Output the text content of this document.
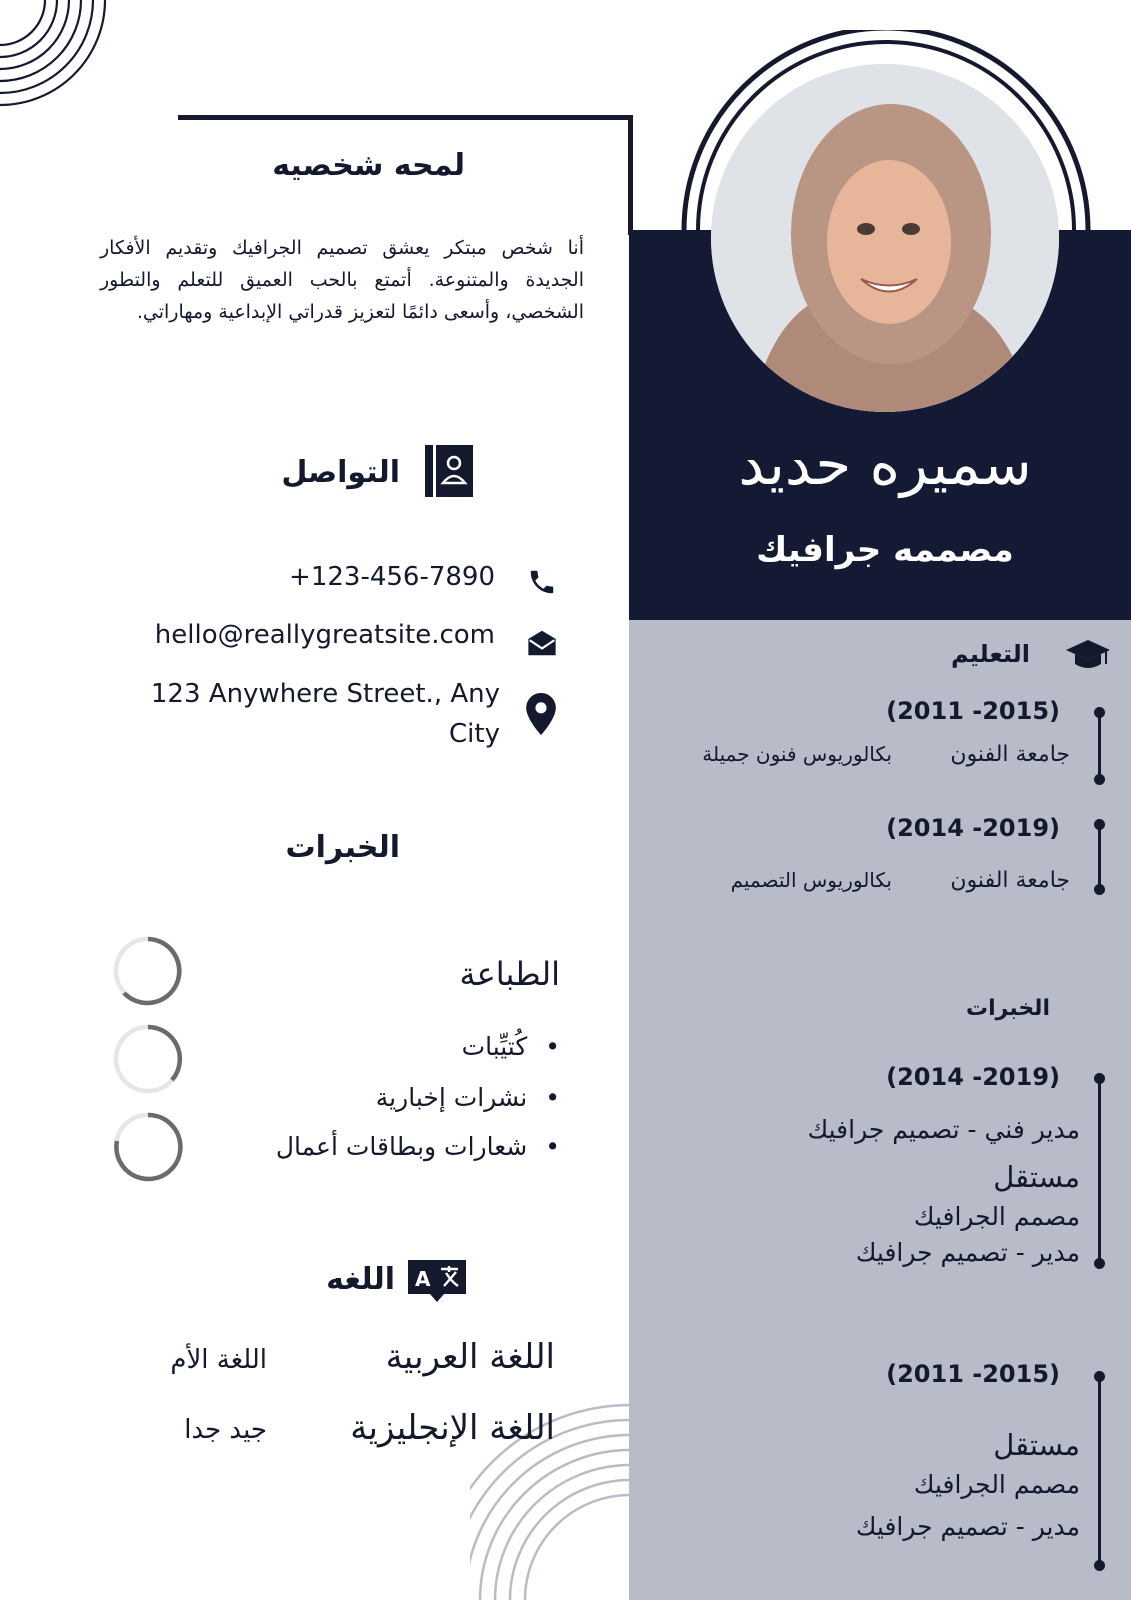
سميره حديد
مصممه جرافيك
لمحه شخصيه
أنا شخص مبتكر يعشق تصميم الجرافيك وتقديم الأفكار الجديدة والمتنوعة. أتمتع بالحب العميق للتعلم والتطور الشخصي، وأسعى دائمًا لتعزيز قدراتي الإبداعية ومهاراتي.
التواصل
+123-456-7890
hello@reallygreatsite.com
123 Anywhere Street., Any City
الخبرات
الطباعة
• كُتيِّبات
• نشرات إخبارية
• شعارات وبطاقات أعمال
اللغه A
اللغة العربية
اللغة الأم
اللغة الإنجليزية
جيد جدا
التعليم
(2011 -2015)
جامعة الفنون
بكالوريوس فنون جميلة
(2014 -2019)
جامعة الفنون
بكالوريوس التصميم
الخبرات
(2014 -2019)
مدير فني - تصميم جرافيك
مستقل
مصمم الجرافيك
مدير - تصميم جرافيك
(2011 -2015)
مستقل
مصمم الجرافيك
مدير - تصميم جرافيك
